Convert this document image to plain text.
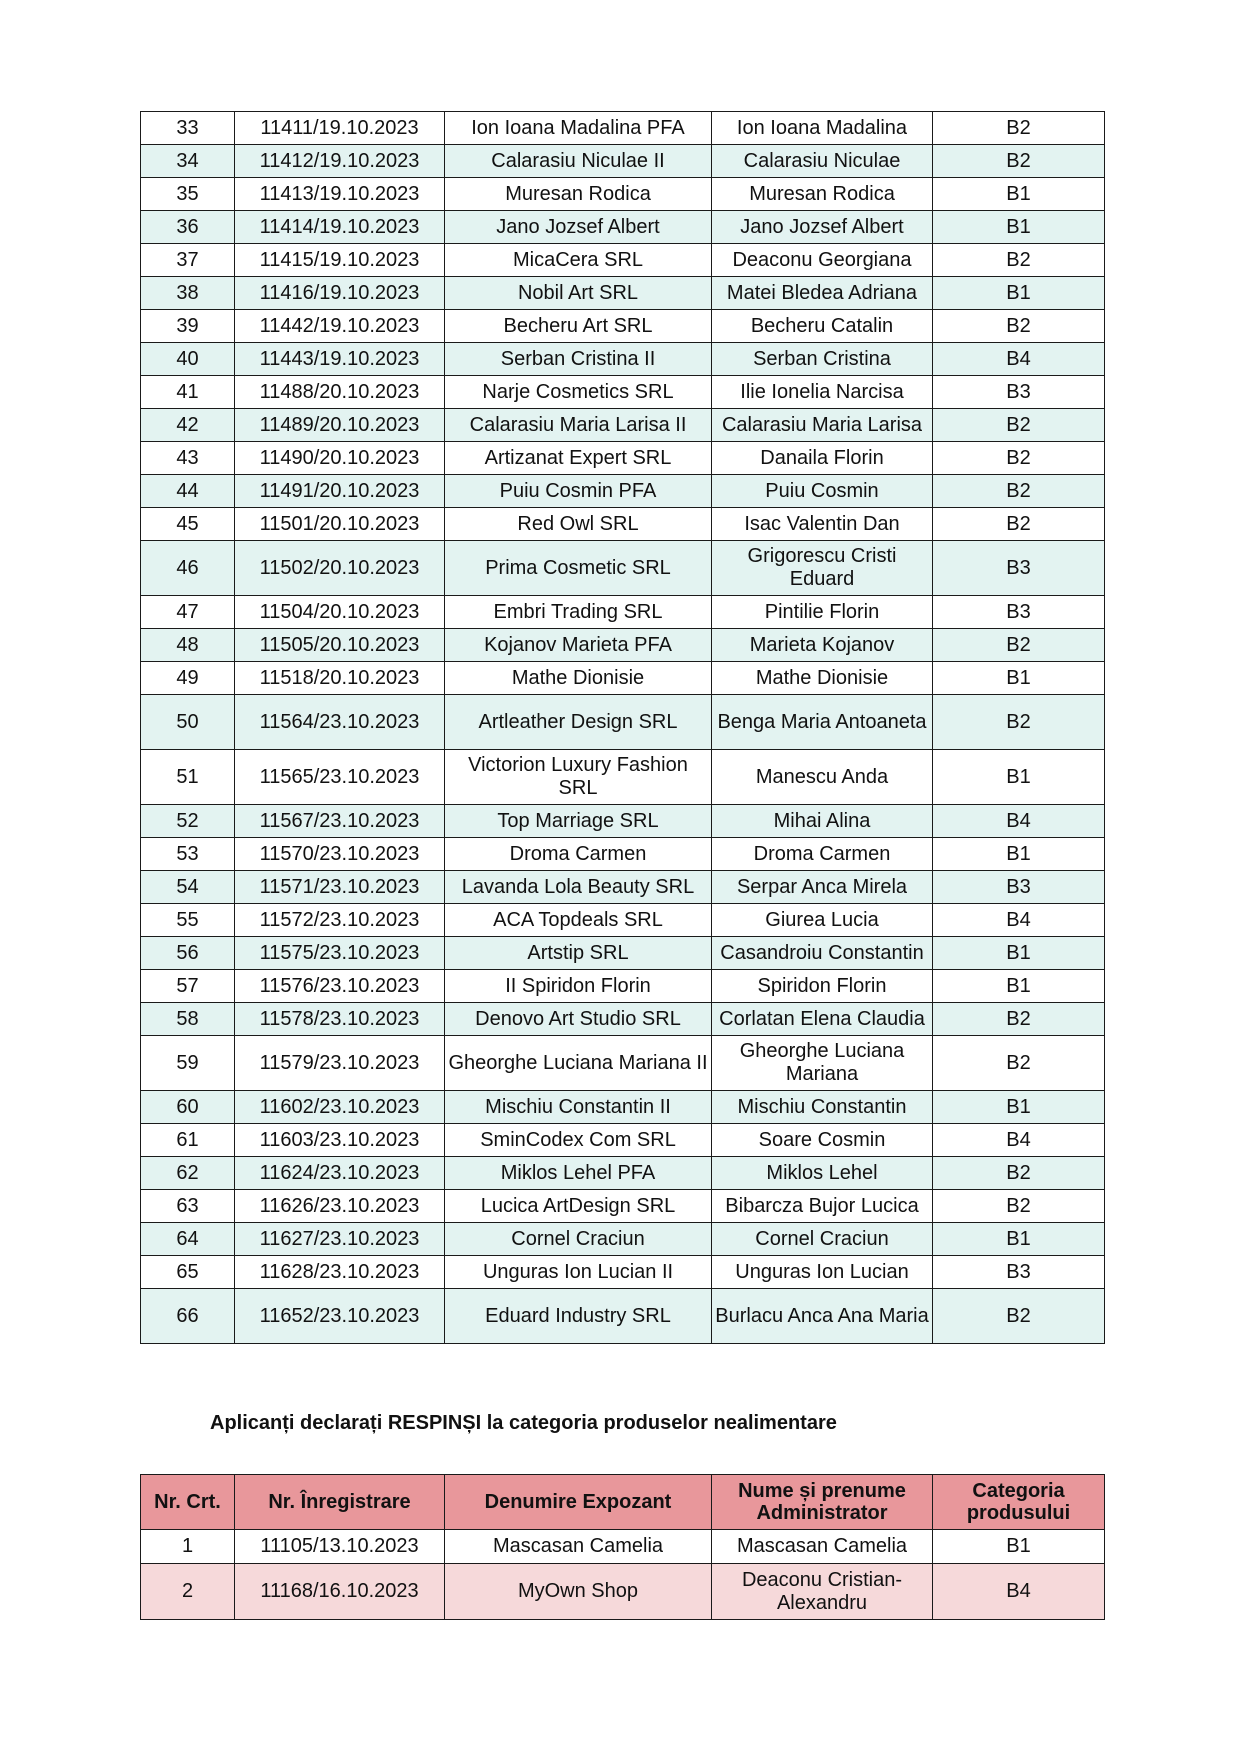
33	11411/19.10.2023	Ion Ioana Madalina PFA	Ion Ioana Madalina	B2
34	11412/19.10.2023	Calarasiu Niculae II	Calarasiu Niculae	B2
35	11413/19.10.2023	Muresan Rodica	Muresan Rodica	B1
36	11414/19.10.2023	Jano Jozsef Albert	Jano Jozsef Albert	B1
37	11415/19.10.2023	MicaCera SRL	Deaconu Georgiana	B2
38	11416/19.10.2023	Nobil Art SRL	Matei Bledea Adriana	B1
39	11442/19.10.2023	Becheru Art SRL	Becheru Catalin	B2
40	11443/19.10.2023	Serban Cristina II	Serban Cristina	B4
41	11488/20.10.2023	Narje Cosmetics SRL	Ilie Ionelia Narcisa	B3
42	11489/20.10.2023	Calarasiu Maria Larisa II	Calarasiu Maria Larisa	B2
43	11490/20.10.2023	Artizanat Expert SRL	Danaila Florin	B2
44	11491/20.10.2023	Puiu Cosmin PFA	Puiu Cosmin	B2
45	11501/20.10.2023	Red Owl SRL	Isac Valentin Dan	B2
46	11502/20.10.2023	Prima Cosmetic SRL	Grigorescu Cristi Eduard	B3
47	11504/20.10.2023	Embri Trading SRL	Pintilie Florin	B3
48	11505/20.10.2023	Kojanov Marieta PFA	Marieta Kojanov	B2
49	11518/20.10.2023	Mathe Dionisie	Mathe Dionisie	B1
50	11564/23.10.2023	Artleather Design SRL	Benga Maria Antoaneta	B2
51	11565/23.10.2023	Victorion Luxury Fashion SRL	Manescu Anda	B1
52	11567/23.10.2023	Top Marriage SRL	Mihai Alina	B4
53	11570/23.10.2023	Droma Carmen	Droma Carmen	B1
54	11571/23.10.2023	Lavanda Lola Beauty SRL	Serpar Anca Mirela	B3
55	11572/23.10.2023	ACA Topdeals SRL	Giurea Lucia	B4
56	11575/23.10.2023	Artstip SRL	Casandroiu Constantin	B1
57	11576/23.10.2023	II Spiridon Florin	Spiridon Florin	B1
58	11578/23.10.2023	Denovo Art Studio SRL	Corlatan Elena Claudia	B2
59	11579/23.10.2023	Gheorghe Luciana Mariana II	Gheorghe Luciana Mariana	B2
60	11602/23.10.2023	Mischiu Constantin II	Mischiu Constantin	B1
61	11603/23.10.2023	SminCodex Com SRL	Soare Cosmin	B4
62	11624/23.10.2023	Miklos Lehel PFA	Miklos Lehel	B2
63	11626/23.10.2023	Lucica ArtDesign SRL	Bibarcza Bujor Lucica	B2
64	11627/23.10.2023	Cornel Craciun	Cornel Craciun	B1
65	11628/23.10.2023	Unguras Ion Lucian II	Unguras Ion Lucian	B3
66	11652/23.10.2023	Eduard Industry SRL	Burlacu Anca Ana Maria	B2
Aplicanți declarați RESPINȘI la categoria produselor nealimentare
Nr. Crt.	Nr. Înregistrare	Denumire Expozant	Nume și prenume Administrator	Categoria produsului
1	11105/13.10.2023	Mascasan Camelia	Mascasan Camelia	B1
2	11168/16.10.2023	MyOwn Shop	Deaconu Cristian-Alexandru	B4
